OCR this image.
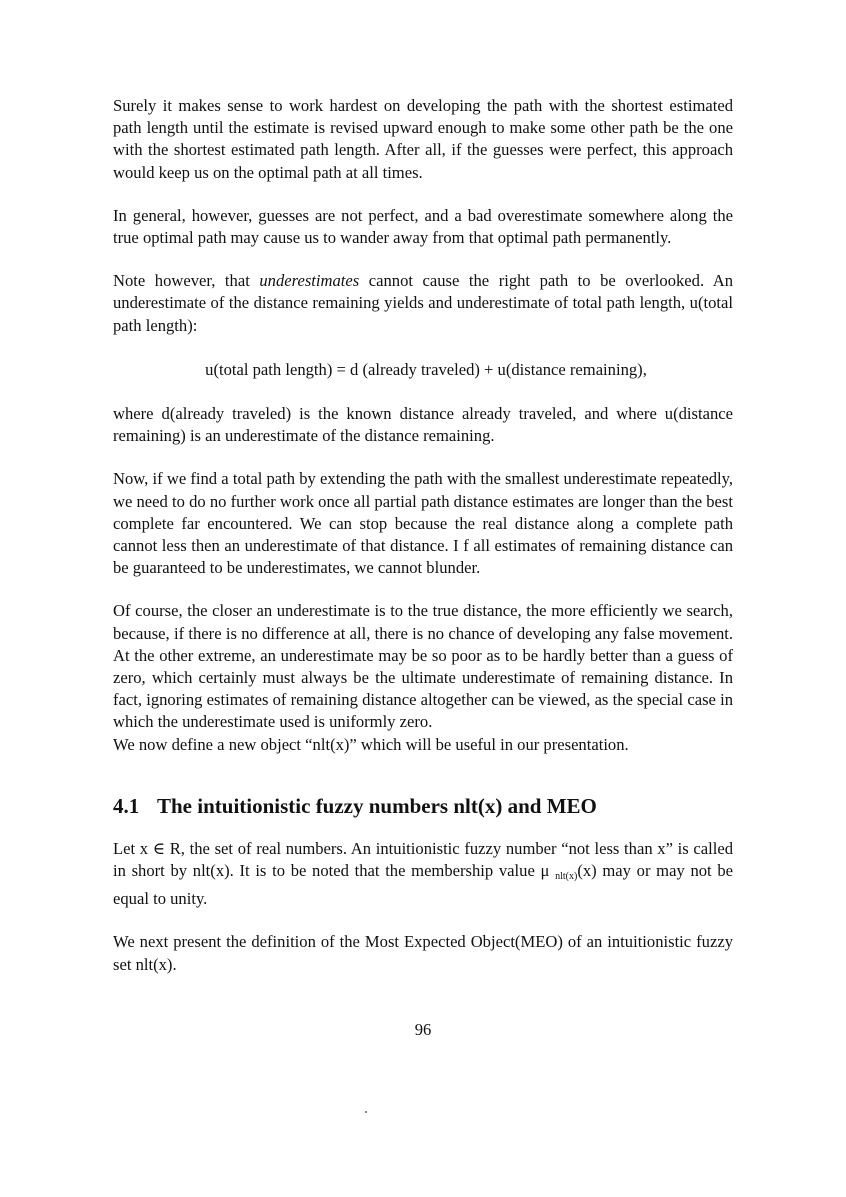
Surely it makes sense to work hardest on developing the path with the shortest estimated path length until the estimate is revised upward enough to make some other path be the one with the shortest estimated path length. After all, if the guesses were perfect, this approach would keep us on the optimal path at all times.

In general, however, guesses are not perfect, and a bad overestimate somewhere along the true optimal path may cause us to wander away from that optimal path permanently.

Note however, that underestimates cannot cause the right path to be overlooked. An underestimate of the distance remaining yields and underestimate of total path length, u(total path length):

u(total path length) = d (already traveled) + u(distance remaining),

where d(already traveled) is the known distance already traveled, and where u(distance remaining) is an underestimate of the distance remaining.

Now, if we find a total path by extending the path with the smallest underestimate repeatedly, we need to do no further work once all partial path distance estimates are longer than the best complete far encountered. We can stop because the real distance along a complete path cannot less then an underestimate of that distance. I f all estimates of remaining distance can be guaranteed to be underestimates, we cannot blunder.

Of course, the closer an underestimate is to the true distance, the more efficiently we search, because, if there is no difference at all, there is no chance of developing any false movement. At the other extreme, an underestimate may be so poor as to be hardly better than a guess of zero, which certainly must always be the ultimate underestimate of remaining distance. In fact, ignoring estimates of remaining distance altogether can be viewed, as the special case in which the underestimate used is uniformly zero.

We now define a new object “nlt(x)” which will be useful in our presentation.

4.1 The intuitionistic fuzzy numbers nlt(x) and MEO

Let x ∈ R, the set of real numbers. An intuitionistic fuzzy number “not less than x” is called in short by nlt(x). It is to be noted that the membership value μ $_{nlt(x)}$(x) may or may not be equal to unity.

We next present the definition of the Most Expected Object(MEO) of an intuitionistic fuzzy set nlt(x).

96
